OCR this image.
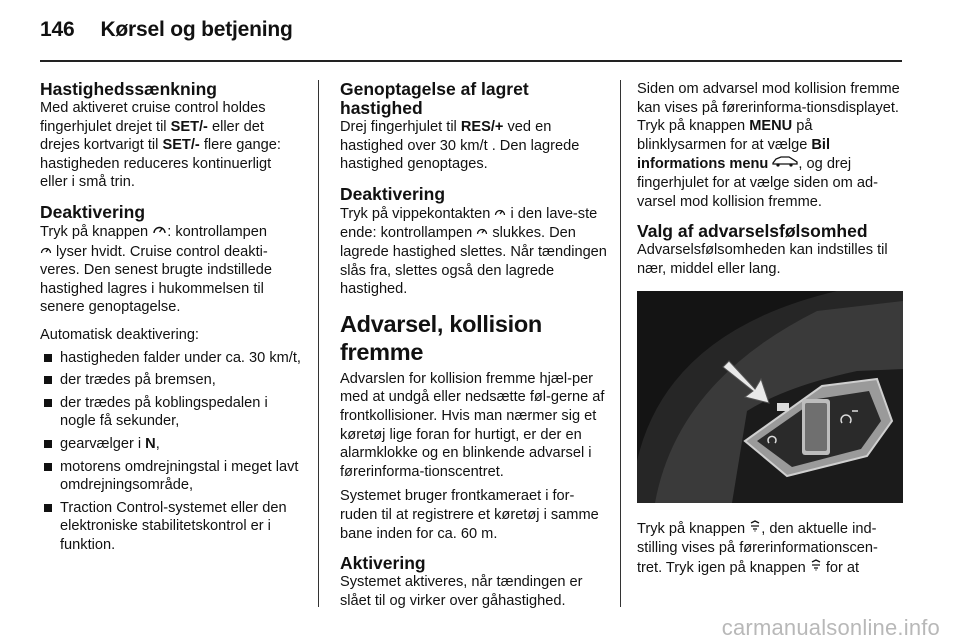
146 Kørsel og betjening
Hastighedssænkning

Med aktiveret cruise control holdes fingerhjulet drejet til SET/- eller det drejes kortvarigt til SET/- flere gange: hastigheden reduceres kontinuerligt eller i små trin.

Deaktivering

Tryk på knappen : kontrollampen
lyser hvidt. Cruise control deakti-veres. Den senest brugte indstillede hastighed lagres i hukommelsen til senere genoptagelse.

Automatisk deaktivering:

hastigheden falder under ca. 30 km/t,
der trædes på bremsen,
der trædes på koblingspedalen i nogle få sekunder,
gearvælger i N,
motorens omdrejningstal i meget lavt omdrejningsområde,
Traction Control-systemet eller den elektroniske stabilitetskontrol er i funktion.
Genoptagelse af lagret hastighed

Drej fingerhjulet til RES/+ ved en hastighed over 30 km/t . Den lagrede hastighed genoptages.

Deaktivering

Tryk på vippekontakten  i den lave-ste ende: kontrollampen  slukkes. Den lagrede hastighed slettes. Når tændingen slås fra, slettes også den lagrede hastighed.

Advarsel, kollision fremme

Advarslen for kollision fremme hjæl-per med at undgå eller nedsætte føl-gerne af frontkollisioner. Hvis man nærmer sig et køretøj lige foran for hurtigt, er der en alarmklokke og en blinkende advarsel i førerinforma-tionscentret.

Systemet bruger frontkameraet i for-ruden til at registrere et køretøj i samme bane inden for ca. 60 m.

Aktivering

Systemet aktiveres, når tændingen er slået til og virker over gåhastighed.

Siden om advarsel mod kollision fremme kan vises på førerinforma-tionsdisplayet. Tryk på knappen MENU på blinklysarmen for at vælge Bil informations menu , og drej fingerhjulet for at vælge siden om ad-varsel mod kollision fremme.

Valg af advarselsfølsomhed

Advarselsfølsomheden kan indstilles til nær, middel eller lang.

Tryk på knappen , den aktuelle ind-stilling vises på førerinformationscen-tret. Tryk igen på knappen  for at

carmanualsonline.info
